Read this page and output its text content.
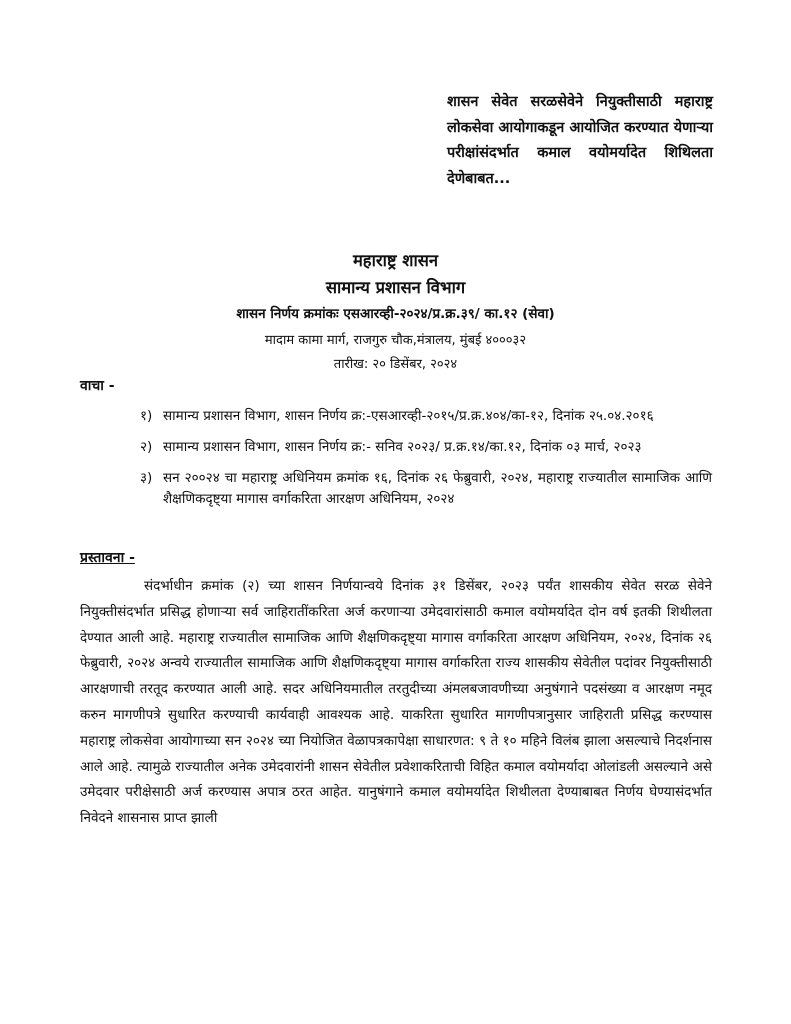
शासन सेवेत सरळसेवेने नियुक्तीसाठी महाराष्ट्र लोकसेवा आयोगाकडून आयोजित करण्यात येणाऱ्या परीक्षांसंदर्भात कमाल वयोमर्यादेत शिथिलता देणेबाबत...
महाराष्ट्र शासन
सामान्य प्रशासन विभाग
शासन निर्णय क्रमांकः एसआरव्ही-२०२४/प्र.क्र.३९/ का.१२ (सेवा)
मादाम कामा मार्ग, राजगुरु चौक,मंत्रालय, मुंबई ४०००३२
तारीख: २० डिसेंबर, २०२४
वाचा -
१) सामान्य प्रशासन विभाग, शासन निर्णय क्र:-एसआरव्ही-२०१५/प्र.क्र.४०४/का-१२, दिनांक २५.०४.२०१६
२) सामान्य प्रशासन विभाग, शासन निर्णय क्र:- सनिव २०२३/ प्र.क्र.१४/का.१२, दिनांक ०३ मार्च, २०२३
३) सन २००२४ चा महाराष्ट्र अधिनियम क्रमांक १६, दिनांक २६ फेब्रुवारी, २०२४, महाराष्ट्र राज्यातील सामाजिक आणि शैक्षणिकदृष्ट्या मागास वर्गाकरिता आरक्षण अधिनियम, २०२४
प्रस्तावना -

संदर्भाधीन क्रमांक (२) च्या शासन निर्णयान्वये दिनांक ३१ डिसेंबर, २०२३ पर्यंत शासकीय सेवेत सरळ सेवेने नियुक्तीसंदर्भात प्रसिद्ध होणाऱ्या सर्व जाहिरातींकरिता अर्ज करणाऱ्या उमेदवारांसाठी कमाल वयोमर्यादेत दोन वर्ष इतकी शिथीलता देण्यात आली आहे. महाराष्ट्र राज्यातील सामाजिक आणि शैक्षणिकदृष्ट्या मागास वर्गाकरिता आरक्षण अधिनियम, २०२४, दिनांक २६ फेब्रुवारी, २०२४ अन्वये राज्यातील सामाजिक आणि शैक्षणिकदृष्ट्या मागास वर्गाकरिता राज्य शासकीय सेवेतील पदांवर नियुक्तीसाठी आरक्षणाची तरतूद करण्यात आली आहे. सदर अधिनियमातील तरतुदीच्या अंमलबजावणीच्या अनुषंगाने पदसंख्या व आरक्षण नमूद करुन मागणीपत्रे सुधारित करण्याची कार्यवाही आवश्यक आहे. याकरिता सुधारित मागणीपत्रानुसार जाहिराती प्रसिद्ध करण्यास महाराष्ट्र लोकसेवा आयोगाच्या सन २०२४ च्या नियोजित वेळापत्रकापेक्षा साधारणत: ९ ते १० महिने विलंब झाला असल्याचे निदर्शनास आले आहे. त्यामुळे राज्यातील अनेक उमेदवारांनी शासन सेवेतील प्रवेशाकरिताची विहित कमाल वयोमर्यादा ओलांडली असल्याने असे उमेदवार परीक्षेसाठी अर्ज करण्यास अपात्र ठरत आहेत. यानुषंगाने कमाल वयोमर्यादेत शिथीलता देण्याबाबत निर्णय घेण्यासंदर्भात निवेदने शासनास प्राप्त झाली
